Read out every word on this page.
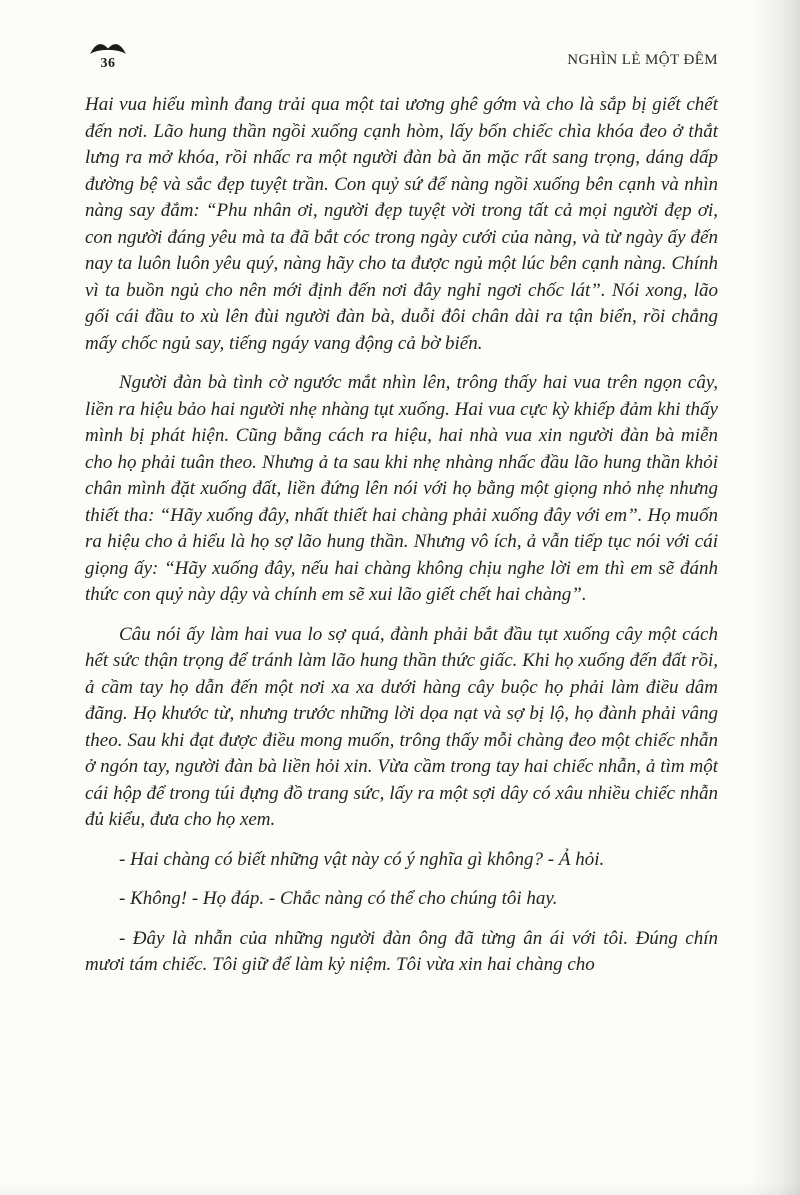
36	NGHÌN LẺ MỘT ĐÊM

Hai vua hiểu mình đang trải qua một tai ương ghê gớm và cho là sắp bị giết chết đến nơi. Lão hung thần ngồi xuống cạnh hòm, lấy bốn chiếc chìa khóa đeo ở thắt lưng ra mở khóa, rồi nhấc ra một người đàn bà ăn mặc rất sang trọng, dáng dấp đường bệ và sắc đẹp tuyệt trần. Con quỷ sứ để nàng ngồi xuống bên cạnh và nhìn nàng say đắm: “Phu nhân ơi, người đẹp tuyệt vời trong tất cả mọi người đẹp ơi, con người đáng yêu mà ta đã bắt cóc trong ngày cưới của nàng, và từ ngày ấy đến nay ta luôn luôn yêu quý, nàng hãy cho ta được ngủ một lúc bên cạnh nàng. Chính vì ta buồn ngủ cho nên mới định đến nơi đây nghỉ ngơi chốc lát”. Nói xong, lão gối cái đầu to xù lên đùi người đàn bà, duỗi đôi chân dài ra tận biển, rồi chẳng mấy chốc ngủ say, tiếng ngáy vang động cả bờ biển.

Người đàn bà tình cờ ngước mắt nhìn lên, trông thấy hai vua trên ngọn cây, liền ra hiệu bảo hai người nhẹ nhàng tụt xuống. Hai vua cực kỳ khiếp đảm khi thấy mình bị phát hiện. Cũng bằng cách ra hiệu, hai nhà vua xin người đàn bà miễn cho họ phải tuân theo. Nhưng ả ta sau khi nhẹ nhàng nhấc đầu lão hung thần khỏi chân mình đặt xuống đất, liền đứng lên nói với họ bằng một giọng nhỏ nhẹ nhưng thiết tha: “Hãy xuống đây, nhất thiết hai chàng phải xuống đây với em”. Họ muốn ra hiệu cho ả hiểu là họ sợ lão hung thần. Nhưng vô ích, ả vẫn tiếp tục nói với cái giọng ấy: “Hãy xuống đây, nếu hai chàng không chịu nghe lời em thì em sẽ đánh thức con quỷ này dậy và chính em sẽ xui lão giết chết hai chàng”.

Câu nói ấy làm hai vua lo sợ quá, đành phải bắt đầu tụt xuống cây một cách hết sức thận trọng để tránh làm lão hung thần thức giấc. Khi họ xuống đến đất rồi, ả cầm tay họ dẫn đến một nơi xa xa dưới hàng cây buộc họ phải làm điều dâm đãng. Họ khước từ, nhưng trước những lời dọa nạt và sợ bị lộ, họ đành phải vâng theo. Sau khi đạt được điều mong muốn, trông thấy mỗi chàng đeo một chiếc nhẫn ở ngón tay, người đàn bà liền hỏi xin. Vừa cầm trong tay hai chiếc nhẫn, ả tìm một cái hộp để trong túi đựng đồ trang sức, lấy ra một sợi dây có xâu nhiều chiếc nhẫn đủ kiểu, đưa cho họ xem.

- Hai chàng có biết những vật này có ý nghĩa gì không? - Ả hỏi.

- Không! - Họ đáp. - Chắc nàng có thể cho chúng tôi hay.

- Đây là nhẫn của những người đàn ông đã từng ân ái với tôi. Đúng chín mươi tám chiếc. Tôi giữ để làm kỷ niệm. Tôi vừa xin hai chàng cho
